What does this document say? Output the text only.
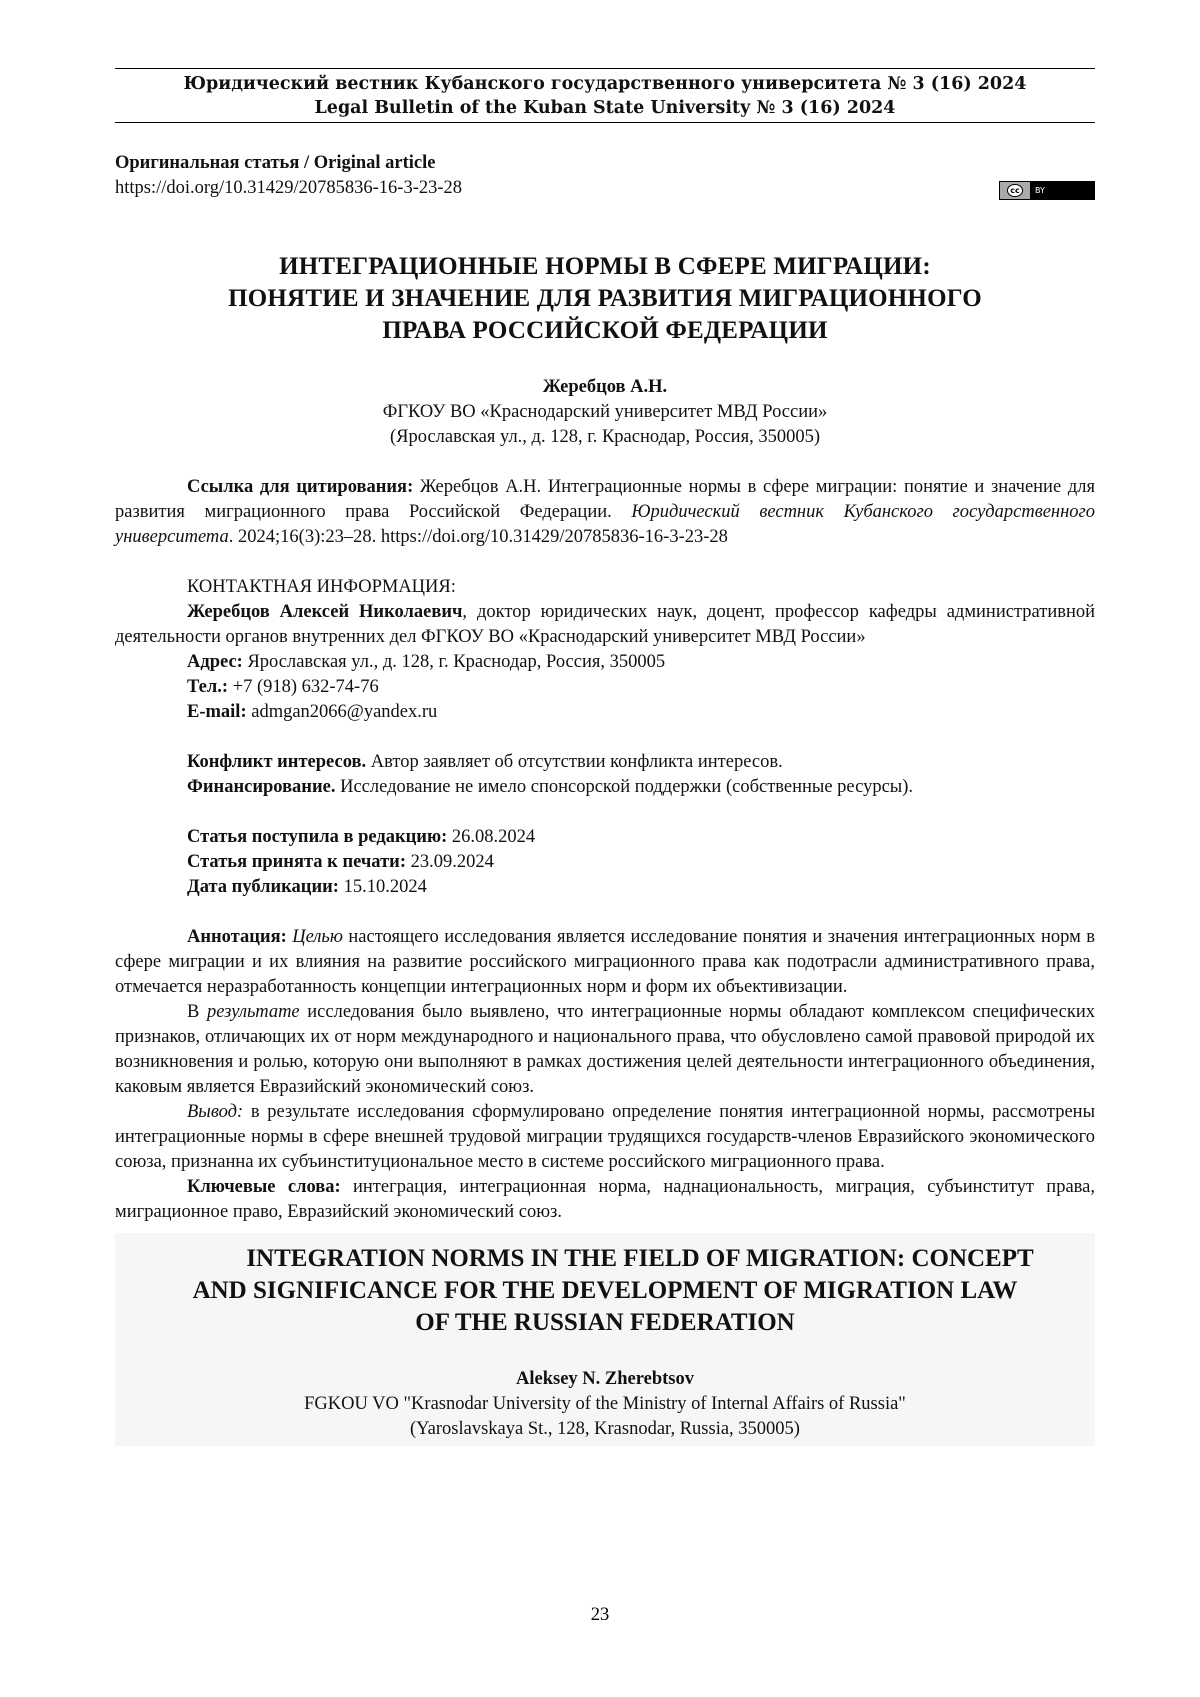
Юридический вестник Кубанского государственного университета № 3 (16) 2024
Legal Bulletin of the Kuban State University № 3 (16) 2024
Оригинальная статья / Original article
https://doi.org/10.31429/20785836-16-3-23-28	cc	BY
ИНТЕГРАЦИОННЫЕ НОРМЫ В СФЕРЕ МИГРАЦИИ:
ПОНЯТИЕ И ЗНАЧЕНИЕ ДЛЯ РАЗВИТИЯ МИГРАЦИОННОГО
ПРАВА РОССИЙСКОЙ ФЕДЕРАЦИИ
Жеребцов А.Н.
ФГКОУ ВО «Краснодарский университет МВД России»
(Ярославская ул., д. 128, г. Краснодар, Россия, 350005)
Ссылка для цитирования: Жеребцов А.Н. Интеграционные нормы в сфере миграции: понятие и значение для развития миграционного права Российской Федерации. Юридический вестник Кубанского государственного университета. 2024;16(3):23–28. https://doi.org/10.31429/20785836-16-3-23-28
КОНТАКТНАЯ ИНФОРМАЦИЯ:
Жеребцов Алексей Николаевич, доктор юридических наук, доцент, профессор кафедры административной деятельности органов внутренних дел ФГКОУ ВО «Краснодарский университет МВД России»
Адрес: Ярославская ул., д. 128, г. Краснодар, Россия, 350005
Тел.: +7 (918) 632-74-76
E-mail: admgan2066@yandex.ru
Конфликт интересов. Автор заявляет об отсутствии конфликта интересов.
Финансирование. Исследование не имело спонсорской поддержки (собственные ресурсы).
Статья поступила в редакцию: 26.08.2024
Статья принята к печати: 23.09.2024
Дата публикации: 15.10.2024
Аннотация: Целью настоящего исследования является исследование понятия и значения интеграционных норм в сфере миграции и их влияния на развитие российского миграционного права как подотрасли административного права, отмечается неразработанность концепции интеграционных норм и форм их объективизации.
В результате исследования было выявлено, что интеграционные нормы обладают комплексом специфических признаков, отличающих их от норм международного и национального права, что обусловлено самой правовой природой их возникновения и ролью, которую они выполняют в рамках достижения целей деятельности интеграционного объединения, каковым является Евразийский экономический союз.
Вывод: в результате исследования сформулировано определение понятия интеграционной нормы, рассмотрены интеграционные нормы в сфере внешней трудовой миграции трудящихся государств-членов Евразийского экономического союза, признанна их субъинституциональное место в системе российского миграционного права.
Ключевые слова: интеграция, интеграционная норма, наднациональность, миграция, субъинститут права, миграционное право, Евразийский экономический союз.
INTEGRATION NORMS IN THE FIELD OF MIGRATION: CONCEPT
AND SIGNIFICANCE FOR THE DEVELOPMENT OF MIGRATION LAW
OF THE RUSSIAN FEDERATION
Aleksey N. Zherebtsov
FGKOU VO "Krasnodar University of the Ministry of Internal Affairs of Russia"
(Yaroslavskaya St., 128, Krasnodar, Russia, 350005)
23
